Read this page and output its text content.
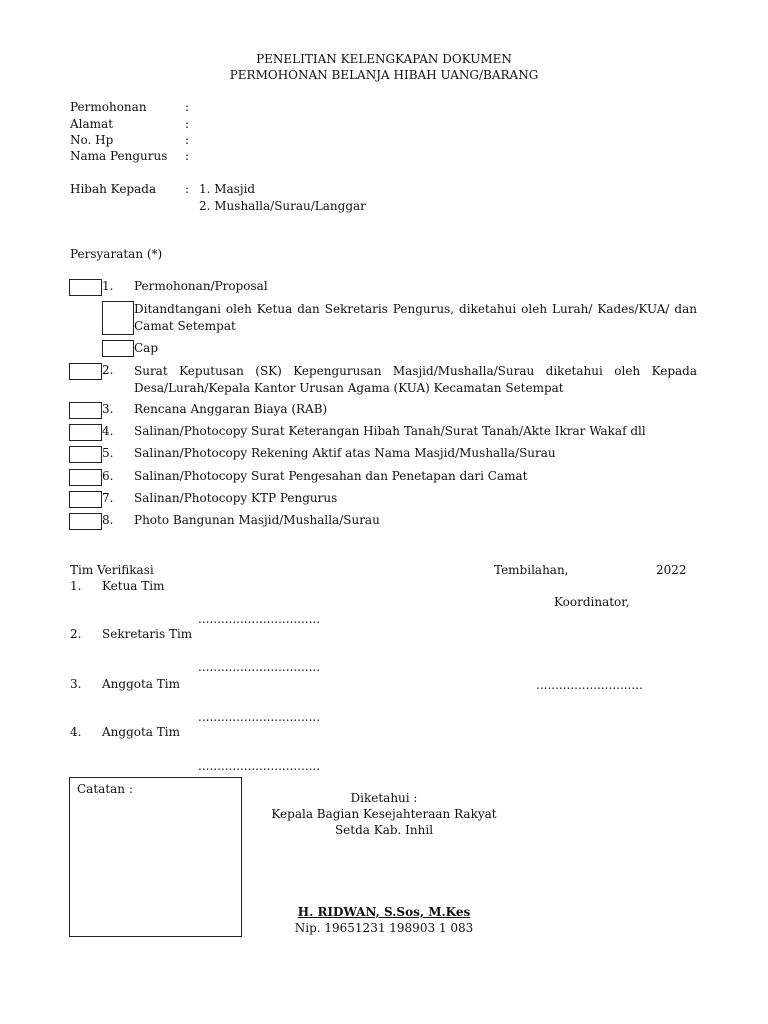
PENELITIAN KELENGKAPAN DOKUMEN
PERMOHONAN BELANJA HIBAH UANG/BARANG
Permohonan	:
Alamat	:
No. Hp	:
Nama Pengurus :
Hibah Kepada : 1. Masjid
2. Mushalla/Surau/Langgar
Persyaratan (*)
1. Permohonan/Proposal
Ditandtangani oleh Ketua dan Sekretaris Pengurus, diketahui oleh Lurah/ Kades/KUA/ dan Camat Setempat
Cap
2. Surat Keputusan (SK) Kepengurusan Masjid/Mushalla/Surau diketahui oleh Kepada Desa/Lurah/Kepala Kantor Urusan Agama (KUA) Kecamatan Setempat
3. Rencana Anggaran Biaya (RAB)
4. Salinan/Photocopy Surat Keterangan Hibah Tanah/Surat Tanah/Akte Ikrar Wakaf dll
5. Salinan/Photocopy Rekening Aktif atas Nama Masjid/Mushalla/Surau
6. Salinan/Photocopy Surat Pengesahan dan Penetapan dari Camat
7. Salinan/Photocopy KTP Pengurus
8. Photo Bangunan Masjid/Mushalla/Surau
Tim Verifikasi	Tembilahan,	2022
1. Ketua Tim
Koordinator,
................................
2. Sekretaris Tim
................................
3. Anggota Tim	............................
................................
4. Anggota Tim
................................
Catatan :
Diketahui :
Kepala Bagian Kesejahteraan Rakyat
Setda Kab. Inhil
H. RIDWAN, S.Sos, M.Kes
Nip. 19651231 198903 1 083
